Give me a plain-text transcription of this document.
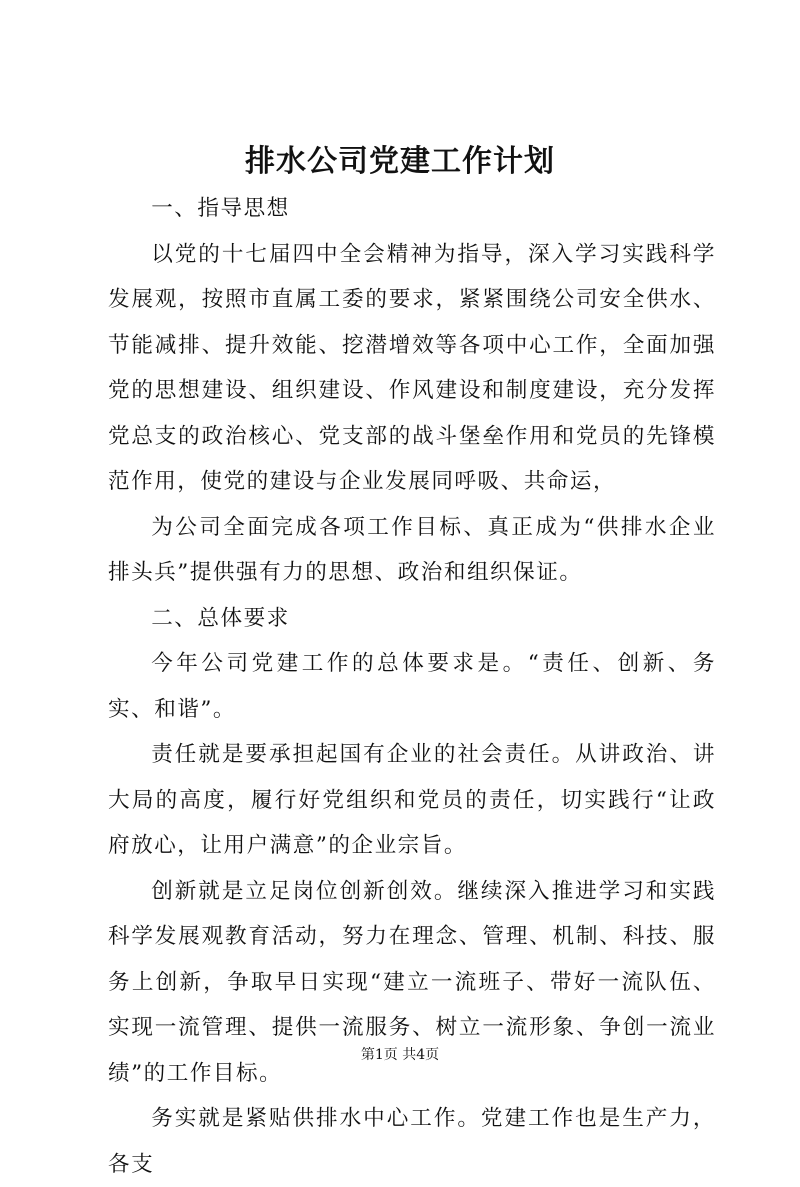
排水公司党建工作计划

一、指导思想

以党的十七届四中全会精神为指导，深入学习实践科学发展观，按照市直属工委的要求，紧紧围绕公司安全供水、节能减排、提升效能、挖潜增效等各项中心工作，全面加强党的思想建设、组织建设、作风建设和制度建设，充分发挥党总支的政治核心、党支部的战斗堡垒作用和党员的先锋模范作用，使党的建设与企业发展同呼吸、共命运，

为公司全面完成各项工作目标、真正成为“供排水企业排头兵”提供强有力的思想、政治和组织保证。

二、总体要求

今年公司党建工作的总体要求是。“责任、创新、务实、和谐”。

责任就是要承担起国有企业的社会责任。从讲政治、讲大局的高度，履行好党组织和党员的责任，切实践行“让政府放心，让用户满意”的企业宗旨。

创新就是立足岗位创新创效。继续深入推进学习和实践科学发展观教育活动，努力在理念、管理、机制、科技、服务上创新，争取早日实现“建立一流班子、带好一流队伍、实现一流管理、提供一流服务、树立一流形象、争创一流业绩”的工作目标。

务实就是紧贴供排水中心工作。党建工作也是生产力，各支

第1页 共4页
